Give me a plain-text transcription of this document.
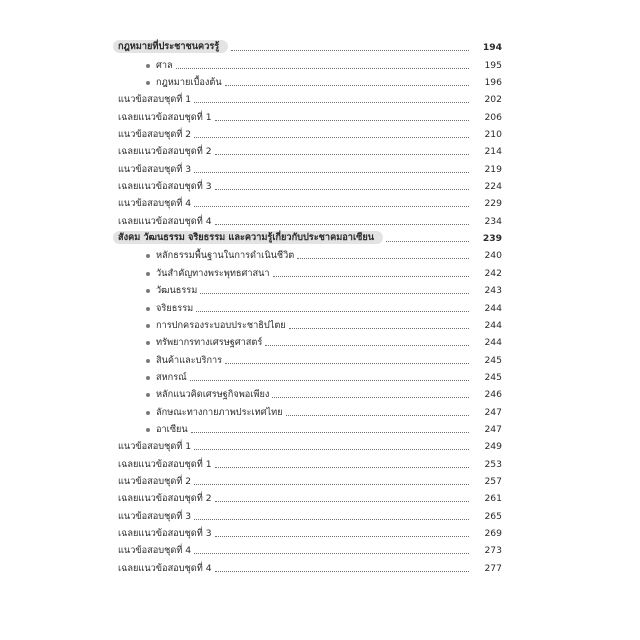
กฎหมายที่ประชาชนควรรู้	194
ศาล	195
กฎหมายเบื้องต้น	196
แนวข้อสอบชุดที่ 1	202
เฉลยแนวข้อสอบชุดที่ 1	206
แนวข้อสอบชุดที่ 2	210
เฉลยแนวข้อสอบชุดที่ 2	214
แนวข้อสอบชุดที่ 3	219
เฉลยแนวข้อสอบชุดที่ 3	224
แนวข้อสอบชุดที่ 4	229
เฉลยแนวข้อสอบชุดที่ 4	234
สังคม วัฒนธรรม จริยธรรม และความรู้เกี่ยวกับประชาคมอาเซียน	239
หลักธรรมพื้นฐานในการดำเนินชีวิต	240
วันสำคัญทางพระพุทธศาสนา	242
วัฒนธรรม	243
จริยธรรม	244
การปกครองระบอบประชาธิปไตย	244
ทรัพยากรทางเศรษฐศาสตร์	244
สินค้าและบริการ	245
สหกรณ์	245
หลักแนวคิดเศรษฐกิจพอเพียง	246
ลักษณะทางกายภาพประเทศไทย	247
อาเซียน	247
แนวข้อสอบชุดที่ 1	249
เฉลยแนวข้อสอบชุดที่ 1	253
แนวข้อสอบชุดที่ 2	257
เฉลยแนวข้อสอบชุดที่ 2	261
แนวข้อสอบชุดที่ 3	265
เฉลยแนวข้อสอบชุดที่ 3	269
แนวข้อสอบชุดที่ 4	273
เฉลยแนวข้อสอบชุดที่ 4	277
